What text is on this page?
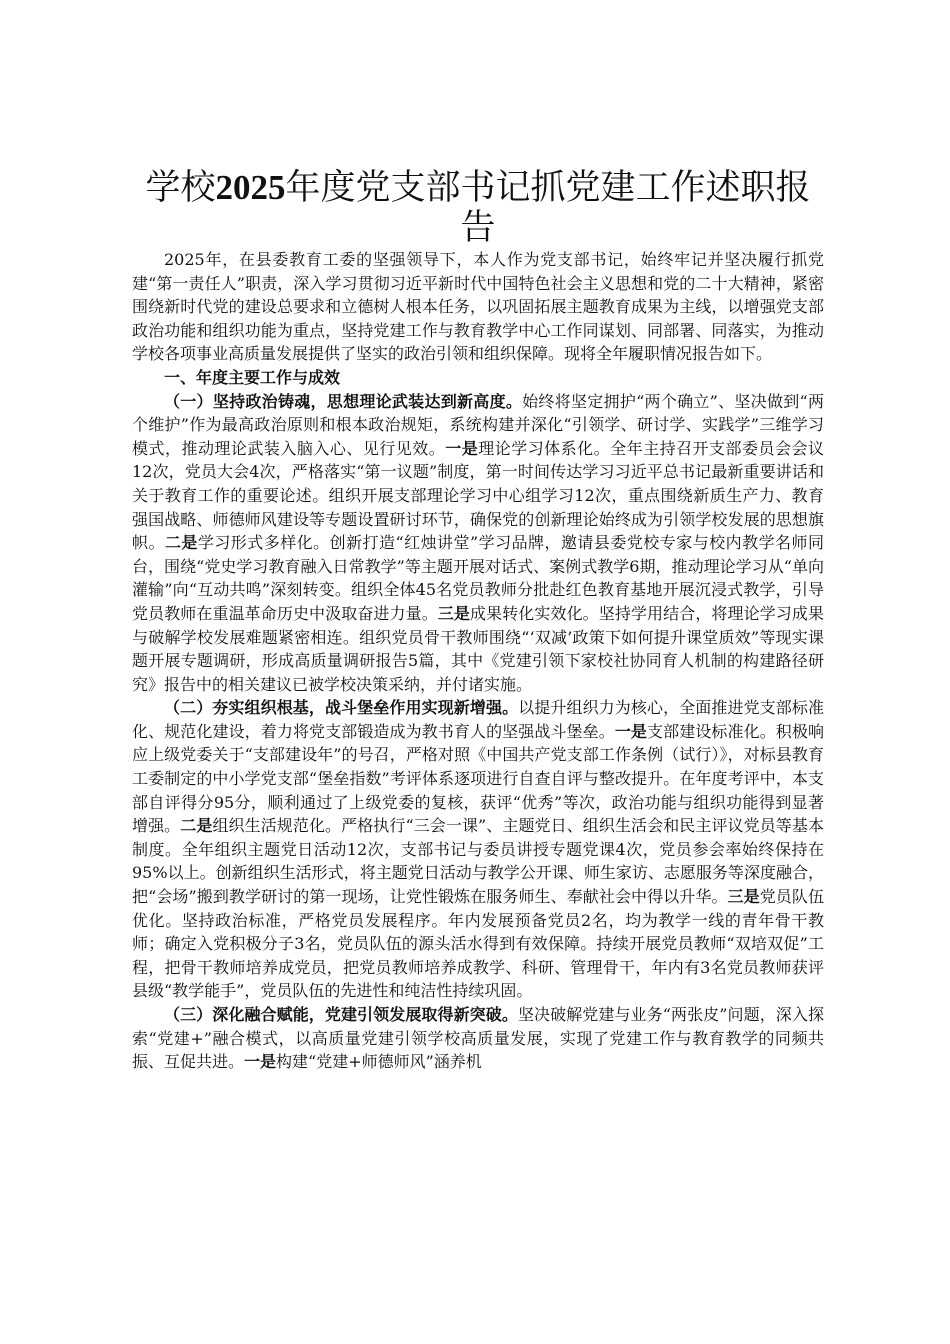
学校2025年度党支部书记抓党建工作述职报告

2025年，在县委教育工委的坚强领导下，本人作为党支部书记，始终牢记并坚决履行抓党建“第一责任人”职责，深入学习贯彻习近平新时代中国特色社会主义思想和党的二十大精神，紧密围绕新时代党的建设总要求和立德树人根本任务，以巩固拓展主题教育成果为主线，以增强党支部政治功能和组织功能为重点，坚持党建工作与教育教学中心工作同谋划、同部署、同落实，为推动学校各项事业高质量发展提供了坚实的政治引领和组织保障。现将全年履职情况报告如下。

一、年度主要工作与成效

（一）坚持政治铸魂，思想理论武装达到新高度。始终将坚定拥护“两个确立”、坚决做到“两个维护”作为最高政治原则和根本政治规矩，系统构建并深化“引领学、研讨学、实践学”三维学习模式，推动理论武装入脑入心、见行见效。一是理论学习体系化。全年主持召开支部委员会会议12次，党员大会4次，严格落实“第一议题”制度，第一时间传达学习习近平总书记最新重要讲话和关于教育工作的重要论述。组织开展支部理论学习中心组学习12次，重点围绕新质生产力、教育强国战略、师德师风建设等专题设置研讨环节，确保党的创新理论始终成为引领学校发展的思想旗帜。二是学习形式多样化。创新打造“红烛讲堂”学习品牌，邀请县委党校专家与校内教学名师同台，围绕“党史学习教育融入日常教学”等主题开展对话式、案例式教学6期，推动理论学习从“单向灌输”向“互动共鸣”深刻转变。组织全体45名党员教师分批赴红色教育基地开展沉浸式教学，引导党员教师在重温革命历史中汲取奋进力量。三是成果转化实效化。坚持学用结合，将理论学习成果与破解学校发展难题紧密相连。组织党员骨干教师围绕“‘双减’政策下如何提升课堂质效”等现实课题开展专题调研，形成高质量调研报告5篇，其中《党建引领下家校社协同育人机制的构建路径研究》报告中的相关建议已被学校决策采纳，并付诸实施。

（二）夯实组织根基，战斗堡垒作用实现新增强。以提升组织力为核心，全面推进党支部标准化、规范化建设，着力将党支部锻造成为教书育人的坚强战斗堡垒。一是支部建设标准化。积极响应上级党委关于“支部建设年”的号召，严格对照《中国共产党支部工作条例（试行）》，对标县教育工委制定的中小学党支部“堡垒指数”考评体系逐项进行自查自评与整改提升。在年度考评中，本支部自评得分95分，顺利通过了上级党委的复核，获评“优秀”等次，政治功能与组织功能得到显著增强。二是组织生活规范化。严格执行“三会一课”、主题党日、组织生活会和民主评议党员等基本制度。全年组织主题党日活动12次，支部书记与委员讲授专题党课4次，党员参会率始终保持在95%以上。创新组织生活形式，将主题党日活动与教学公开课、师生家访、志愿服务等深度融合，把“会场”搬到教学研讨的第一现场，让党性锻炼在服务师生、奉献社会中得以升华。三是党员队伍优化。坚持政治标准，严格党员发展程序。年内发展预备党员2名，均为教学一线的青年骨干教师；确定入党积极分子3名，党员队伍的源头活水得到有效保障。持续开展党员教师“双培双促”工程，把骨干教师培养成党员，把党员教师培养成教学、科研、管理骨干，年内有3名党员教师获评县级“教学能手”，党员队伍的先进性和纯洁性持续巩固。

（三）深化融合赋能，党建引领发展取得新突破。坚决破解党建与业务“两张皮”问题，深入探索“党建+”融合模式，以高质量党建引领学校高质量发展，实现了党建工作与教育教学的同频共振、互促共进。一是构建“党建+师德师风”涵养机
